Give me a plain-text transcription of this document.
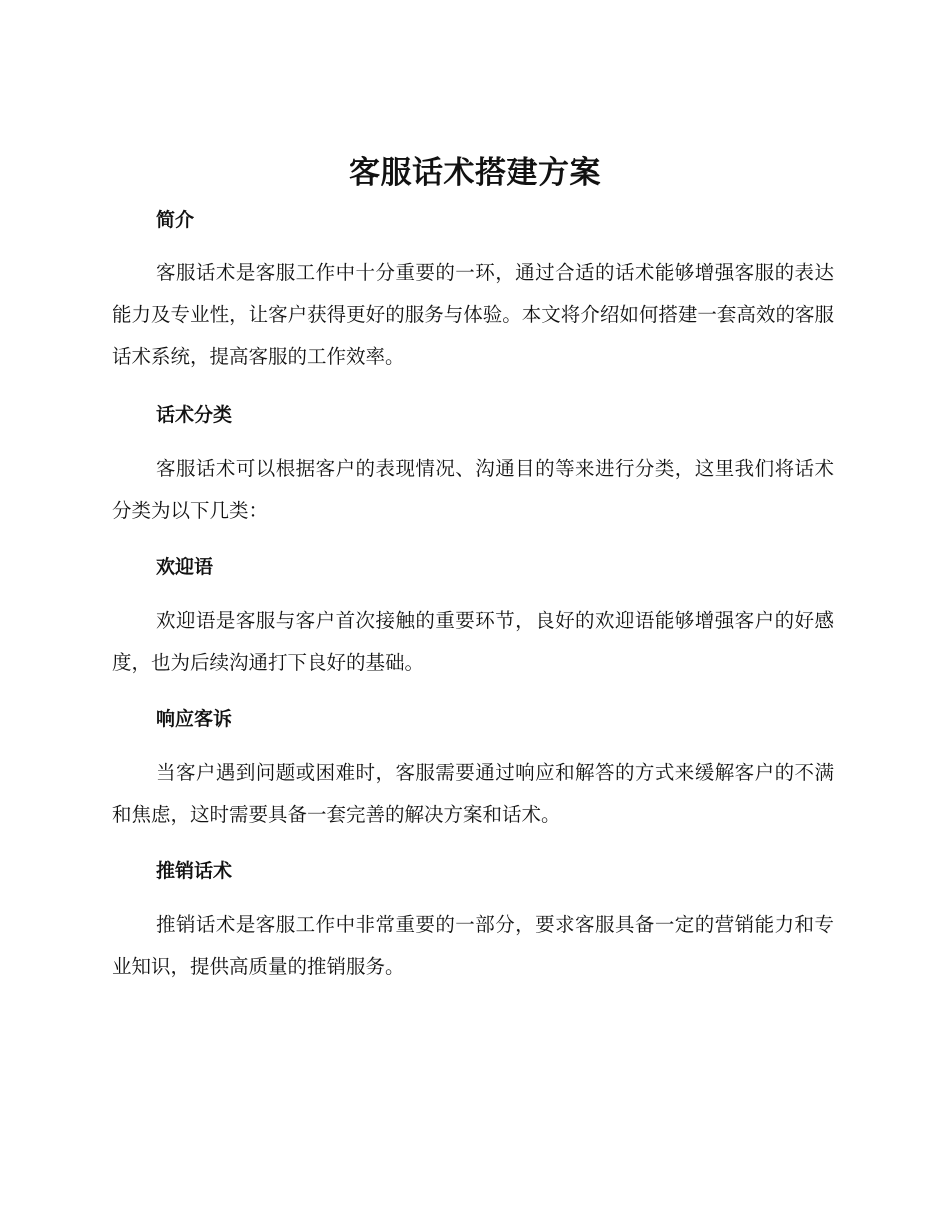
客服话术搭建方案
简介

客服话术是客服工作中十分重要的一环，通过合适的话术能够增强客服的表达能力及专业性，让客户获得更好的服务与体验。本文将介绍如何搭建一套高效的客服话术系统，提高客服的工作效率。

话术分类

客服话术可以根据客户的表现情况、沟通目的等来进行分类，这里我们将话术分类为以下几类：

欢迎语

欢迎语是客服与客户首次接触的重要环节，良好的欢迎语能够增强客户的好感度，也为后续沟通打下良好的基础。

响应客诉

当客户遇到问题或困难时，客服需要通过响应和解答的方式来缓解客户的不满和焦虑，这时需要具备一套完善的解决方案和话术。

推销话术

推销话术是客服工作中非常重要的一部分，要求客服具备一定的营销能力和专业知识，提供高质量的推销服务。
